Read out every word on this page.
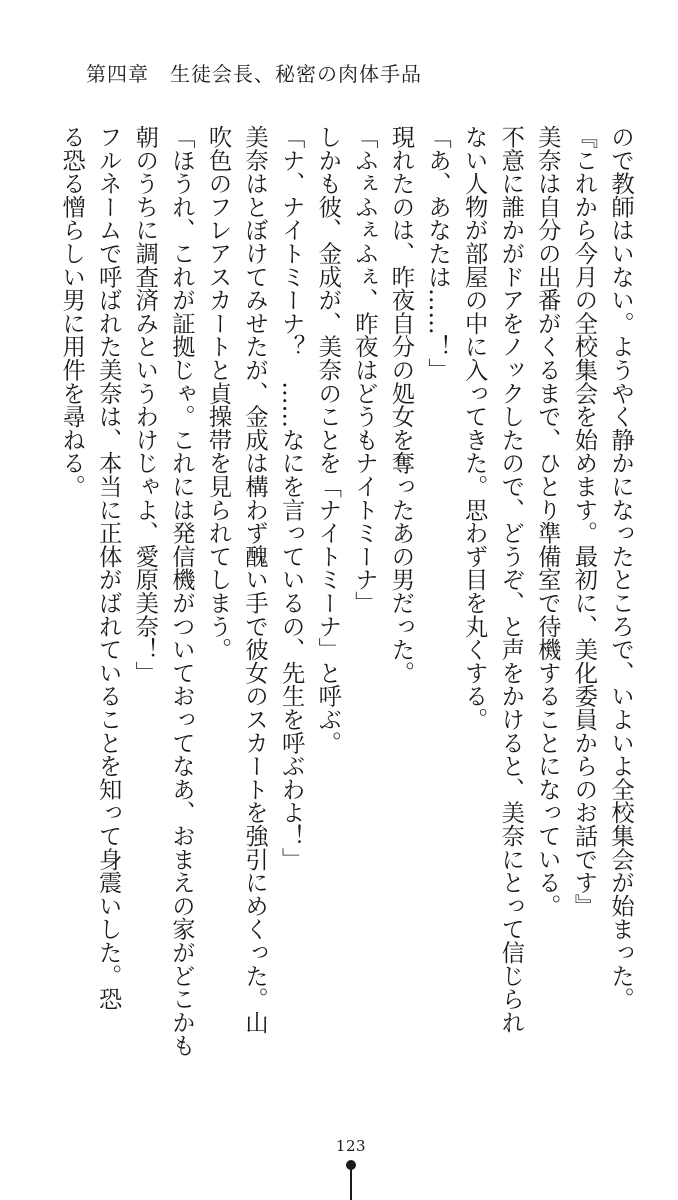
第四章　生徒会長、秘密の肉体手品
ので教師はいない。ようやく静かになったところで、いよいよ全校集会が始まった。
『これから今月の全校集会を始めます。最初に、美化委員からのお話です』
美奈は自分の出番がくるまで、ひとり準備室で待機することになっている。
不意に誰かがドアをノックしたので、どうぞ、と声をかけると、美奈にとって信じられ
ない人物が部屋の中に入ってきた。思わず目を丸くする。
「あ、あなたは……！」
現れたのは、昨夜自分の処女を奪ったあの男だった。
「ふぇふぇふぇ、昨夜はどうもナイトミーナ」
しかも彼、金成が、美奈のことを「ナイトミーナ」と呼ぶ。
「ナ、ナイトミーナ？　……なにを言っているの、先生を呼ぶわよ！」
美奈はとぼけてみせたが、金成は構わず醜い手で彼女のスカートを強引にめくった。山
吹色のフレアスカートと貞操帯を見られてしまう。
「ほうれ、これが証拠じゃ。これには発信機がついておってなあ、おまえの家がどこかも
朝のうちに調査済みというわけじゃよ、愛原美奈！」
フルネームで呼ばれた美奈は、本当に正体がばれていることを知って身震いした。恐
る恐る憎らしい男に用件を尋ねる。
123
